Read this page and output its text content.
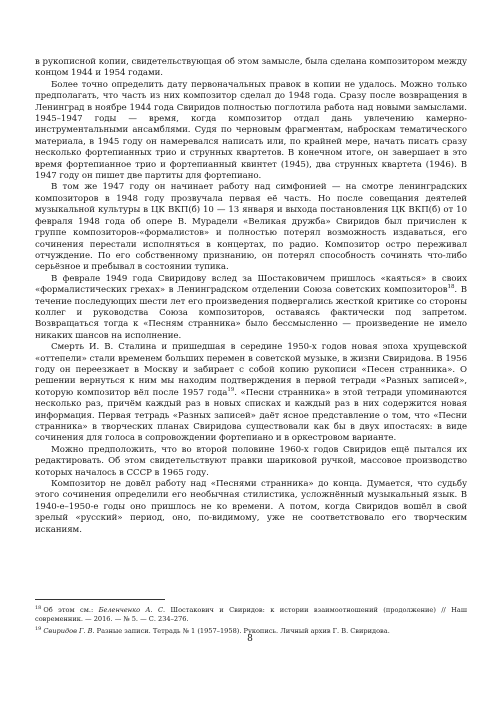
в рукописной копии, свидетельствующая об этом замысле, была сделана композитором между концом 1944 и 1954 годами.

Более точно определить дату первоначальных правок в копии не удалось. Можно только предполагать, что часть из них композитор сделал до 1948 года. Сразу после возвращения в Ленинград в ноябре 1944 года Свиридов полностью поглотила работа над новыми замыслами. 1945–1947 годы — время, когда композитор отдал дань увлечению камерно-инструментальными ансамблями. Судя по черновым фрагментам, наброскам тематического материала, в 1945 году он намеревался написать или, по крайней мере, начать писать сразу несколько фортепианных трио и струнных квартетов. В конечном итоге, он завершает в это время фортепианное трио и фортепианный квинтет (1945), два струнных квартета (1946). В 1947 году он пишет две партиты для фортепиано.

В том же 1947 году он начинает работу над симфонией — на смотре ленинградских композиторов в 1948 году прозвучала первая её часть. Но после совещания деятелей музыкальной культуры в ЦК ВКП(б) 10 — 13 января и выхода постановления ЦК ВКП(б) от 10 февраля 1948 года об опере В. Мурадели «Великая дружба» Свиридов был причислен к группе композиторов-«формалистов» и полностью потерял возможность издаваться, его сочинения перестали исполняться в концертах, по радио. Композитор остро переживал отчуждение. По его собственному признанию, он потерял способность сочинять что-либо серьёзное и пребывал в состоянии тупика.

В феврале 1949 года Свиридову вслед за Шостаковичем пришлось «каяться» в своих «формалистических грехах» в Ленинградском отделении Союза советских композиторов$^{18}$. В течение последующих шести лет его произведения подвергались жесткой критике со стороны коллег и руководства Союза композиторов, оставаясь фактически под запретом. Возвращаться тогда к «Песням странника» было бессмысленно — произведение не имело никаких шансов на исполнение.

Смерть И. В. Сталина и пришедшая в середине 1950-х годов новая эпоха хрущевской «оттепели» стали временем больших перемен в советской музыке, в жизни Свиридова. В 1956 году он переезжает в Москву и забирает с собой копию рукописи «Песен странника». О решении вернуться к ним мы находим подтверждения в первой тетради «Разных записей», которую композитор вёл после 1957 года$^{19}$. «Песни странника» в этой тетради упоминаются несколько раз, причём каждый раз в новых списках и каждый раз в них содержится новая информация. Первая тетрадь «Разных записей» даёт ясное представление о том, что «Песни странника» в творческих планах Свиридова существовали как бы в двух ипостасях: в виде сочинения для голоса в сопровождении фортепиано и в оркестровом варианте.

Можно предположить, что во второй половине 1960-х годов Свиридов ещё пытался их редактировать. Об этом свидетельствуют правки шариковой ручкой, массовое производство которых началось в СССР в 1965 году.

Композитор не довёл работу над «Песнями странника» до конца. Думается, что судьбу этого сочинения определили его необычная стилистика, усложнённый музыкальный язык. В 1940-е–1950-е годы оно пришлось не ко времени. А потом, когда Свиридов вошёл в свой зрелый «русский» период, оно, по-видимому, уже не соответствовало его творческим исканиям.

$^{18}$ Об этом см.: Беленченко А. С. Шостакович и Свиридов: к истории взаимоотношений (продолжение) // Наш современник. — 2016. — № 5. — С. 234–276.

$^{19}$ Свиридов Г. В. Разные записи. Тетрадь № 1 (1957–1958). Рукопись. Личный архив Г. В. Свиридова.

8
